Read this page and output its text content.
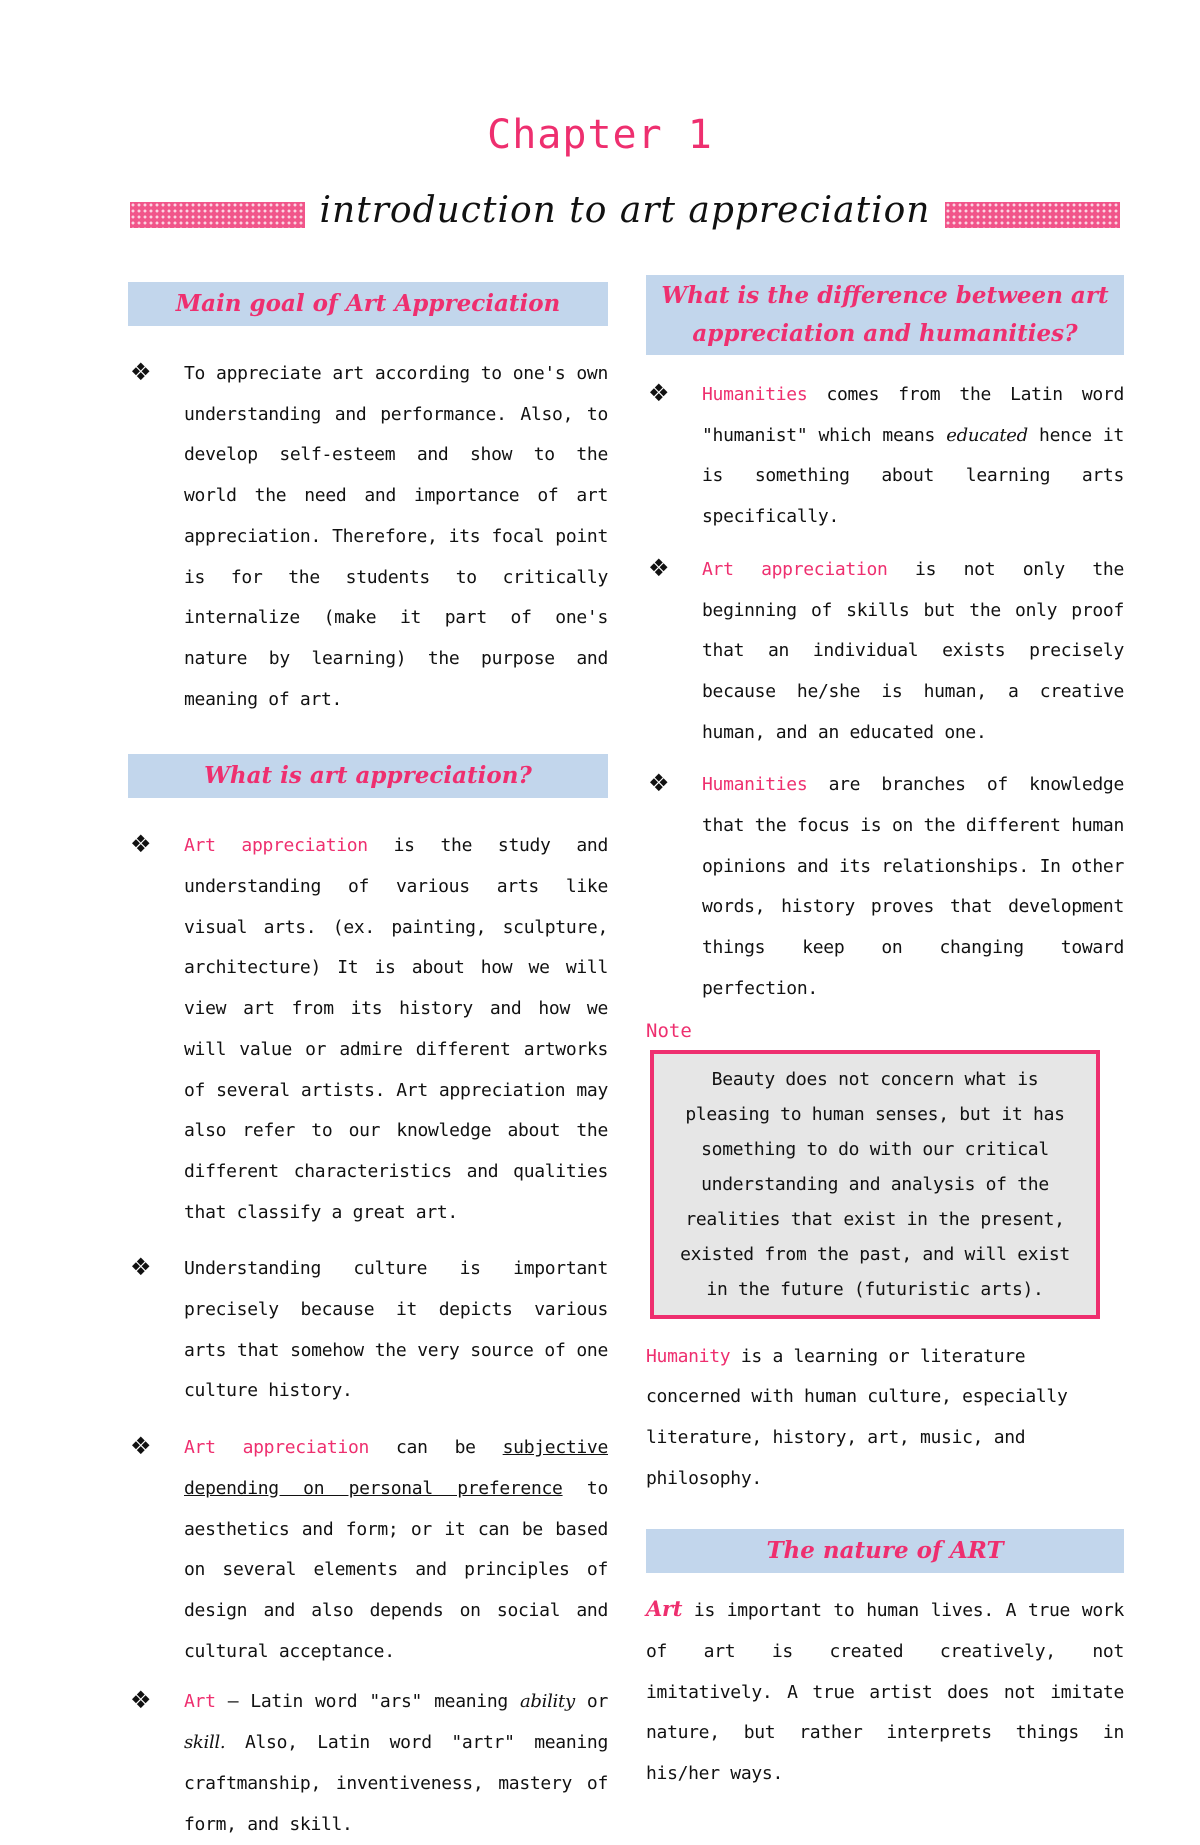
Chapter 1
introduction to art appreciation
Main goal of Art Appreciation
❖ To appreciate art according to one's own understanding and performance. Also, to develop self-esteem and show to the world the need and importance of art appreciation. Therefore, its focal point is for the students to critically internalize (make it part of one's nature by learning) the purpose and meaning of art.
What is art appreciation?
❖ Art appreciation is the study and understanding of various arts like visual arts. (ex. painting, sculpture, architecture) It is about how we will view art from its history and how we will value or admire different artworks of several artists. Art appreciation may also refer to our knowledge about the different characteristics and qualities that classify a great art.
❖ Understanding culture is important precisely because it depicts various arts that somehow the very source of one culture history.
❖ Art appreciation can be subjective depending on personal preference to aesthetics and form; or it can be based on several elements and principles of design and also depends on social and cultural acceptance.
❖ Art – Latin word "ars" meaning ability or skill. Also, Latin word "artr" meaning craftmanship, inventiveness, mastery of form, and skill.
What is the difference between art appreciation and humanities?
❖ Humanities comes from the Latin word "humanist" which means educated hence it is something about learning arts specifically.
❖ Art appreciation is not only the beginning of skills but the only proof that an individual exists precisely because he/she is human, a creative human, and an educated one.
❖ Humanities are branches of knowledge that the focus is on the different human opinions and its relationships. In other words, history proves that development things keep on changing toward perfection.
Note
Beauty does not concern what is pleasing to human senses, but it has something to do with our critical understanding and analysis of the realities that exist in the present, existed from the past, and will exist in the future (futuristic arts).
Humanity is a learning or literature concerned with human culture, especially literature, history, art, music, and philosophy.
The nature of ART
Art is important to human lives. A true work of art is created creatively, not imitatively. A true artist does not imitate nature, but rather interprets things in his/her ways.
